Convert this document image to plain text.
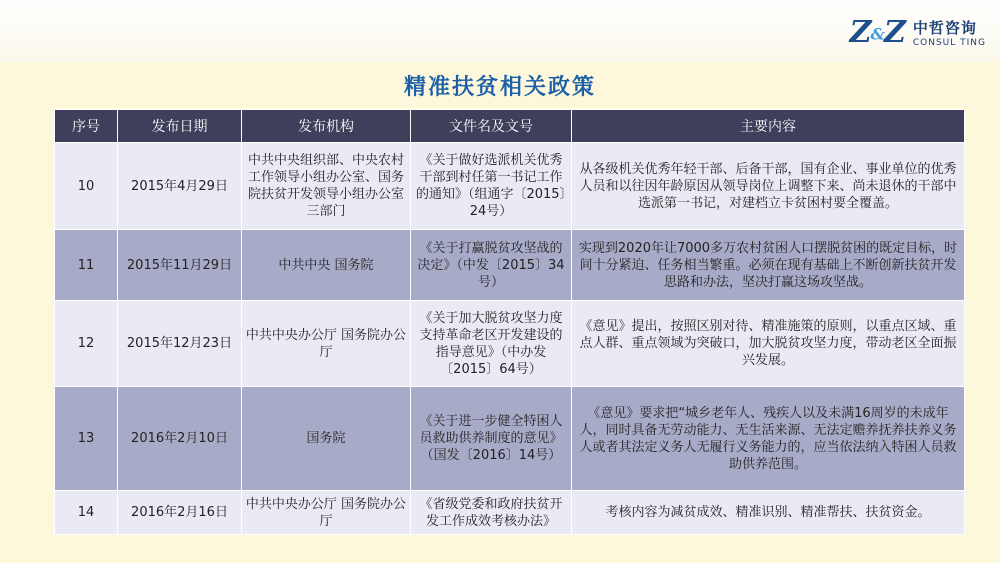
Z&Z 中哲咨询
CONSUL TING
精准扶贫相关政策
序号	发布日期	发布机构	文件名及文号	主要内容
10	2015年4月29日	中共中央组织部、中央农村工作领导小组办公室、国务院扶贫开发领导小组办公室三部门	《关于做好选派机关优秀干部到村任第一书记工作的通知》（组通字〔2015〕24号）	从各级机关优秀年轻干部、后备干部，国有企业、事业单位的优秀人员和以往因年龄原因从领导岗位上调整下来、尚未退休的干部中选派第一书记，对建档立卡贫困村要全覆盖。
11	2015年11月29日	中共中央 国务院	《关于打赢脱贫攻坚战的决定》（中发〔2015〕34号）	实现到2020年让7000多万农村贫困人口摆脱贫困的既定目标，时间十分紧迫、任务相当繁重。必须在现有基础上不断创新扶贫开发思路和办法，坚决打赢这场攻坚战。
12	2015年12月23日	中共中央办公厅 国务院办公厅	《关于加大脱贫攻坚力度支持革命老区开发建设的指导意见》（中办发〔2015〕64号）	《意见》提出，按照区别对待、精准施策的原则，以重点区域、重点人群、重点领域为突破口，加大脱贫攻坚力度，带动老区全面振兴发展。
13	2016年2月10日	国务院	《关于进一步健全特困人员救助供养制度的意见》（国发〔2016〕14号）	《意见》要求把“城乡老年人、残疾人以及未满16周岁的未成年人，同时具备无劳动能力、无生活来源、无法定赡养抚养扶养义务人或者其法定义务人无履行义务能力的，应当依法纳入特困人员救助供养范围。
14	2016年2月16日	中共中央办公厅 国务院办公厅	《省级党委和政府扶贫开发工作成效考核办法》	考核内容为减贫成效、精准识别、精准帮扶、扶贫资金。
